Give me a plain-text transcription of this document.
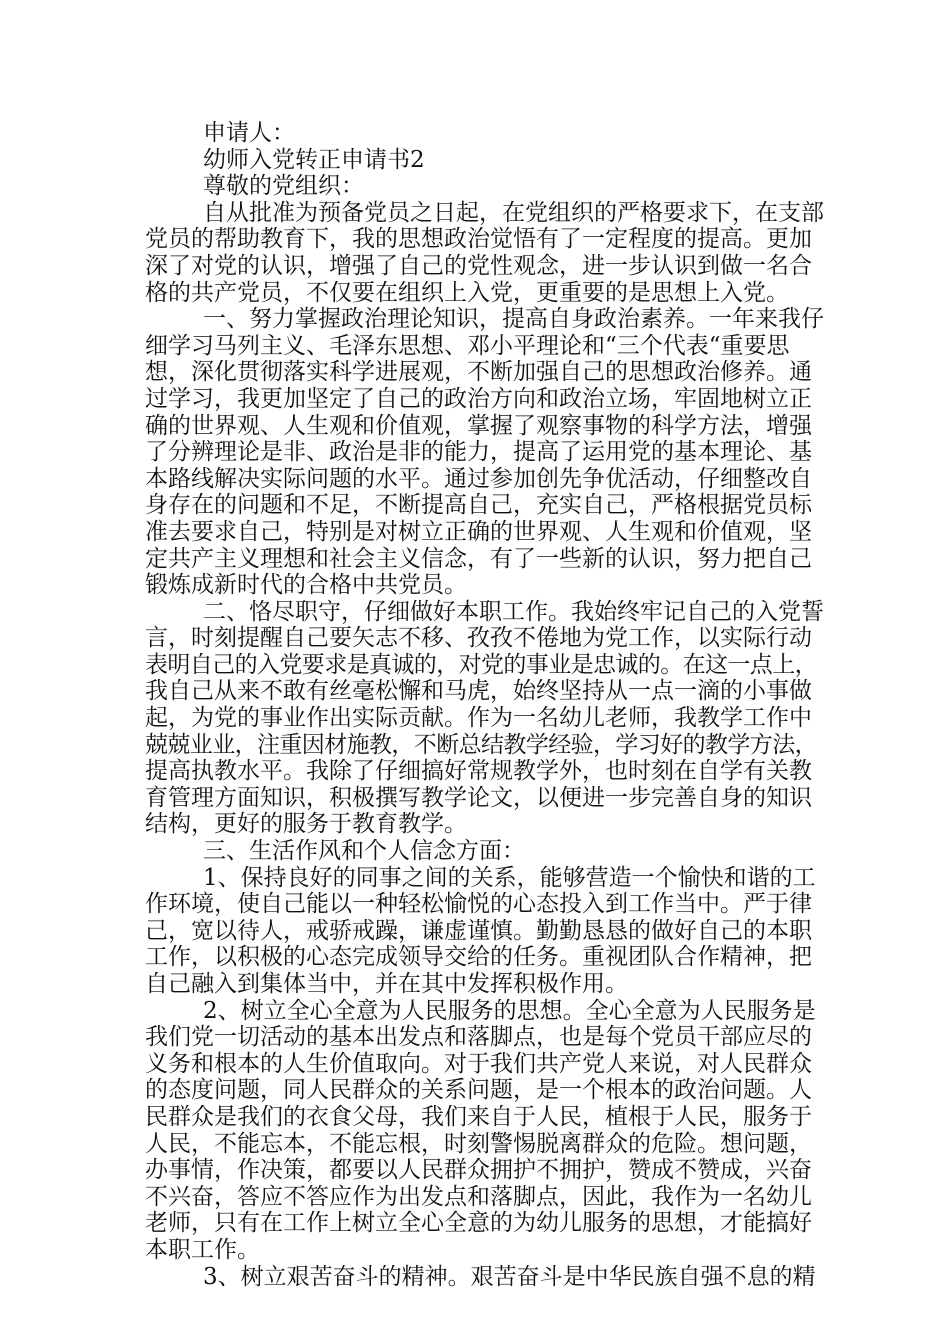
申请人：
幼师入党转正申请书2
尊敬的党组织：
自从批准为预备党员之日起，在党组织的严格要求下，在支部
党员的帮助教育下，我的思想政治觉悟有了一定程度的提高。更加
深了对党的认识，增强了自己的党性观念，进一步认识到做一名合
格的共产党员，不仅要在组织上入党，更重要的是思想上入党。
一、努力掌握政治理论知识，提高自身政治素养。一年来我仔
细学习马列主义、毛泽东思想、邓小平理论和“三个代表“重要思
想，深化贯彻落实科学进展观，不断加强自己的思想政治修养。通
过学习，我更加坚定了自己的政治方向和政治立场，牢固地树立正
确的世界观、人生观和价值观，掌握了观察事物的科学方法，增强
了分辨理论是非、政治是非的能力，提高了运用党的基本理论、基
本路线解决实际问题的水平。通过参加创先争优活动，仔细整改自
身存在的问题和不足，不断提高自己，充实自己，严格根据党员标
准去要求自己，特别是对树立正确的世界观、人生观和价值观，坚
定共产主义理想和社会主义信念，有了一些新的认识，努力把自己
锻炼成新时代的合格中共党员。
二、恪尽职守，仔细做好本职工作。我始终牢记自己的入党誓
言，时刻提醒自己要矢志不移、孜孜不倦地为党工作，以实际行动
表明自己的入党要求是真诚的，对党的事业是忠诚的。在这一点上，
我自己从来不敢有丝毫松懈和马虎，始终坚持从一点一滴的小事做
起，为党的事业作出实际贡献。作为一名幼儿老师，我教学工作中
兢兢业业，注重因材施教，不断总结教学经验，学习好的教学方法，
提高执教水平。我除了仔细搞好常规教学外，也时刻在自学有关教
育管理方面知识，积极撰写教学论文，以便进一步完善自身的知识
结构，更好的服务于教育教学。
三、生活作风和个人信念方面：
1、保持良好的同事之间的关系，能够营造一个愉快和谐的工
作环境，使自己能以一种轻松愉悦的心态投入到工作当中。严于律
己，宽以待人，戒骄戒躁，谦虚谨慎。勤勤恳恳的做好自己的本职
工作，以积极的心态完成领导交给的任务。重视团队合作精神，把
自己融入到集体当中，并在其中发挥积极作用。
2、树立全心全意为人民服务的思想。全心全意为人民服务是
我们党一切活动的基本出发点和落脚点，也是每个党员干部应尽的
义务和根本的人生价值取向。对于我们共产党人来说，对人民群众
的态度问题，同人民群众的关系问题，是一个根本的政治问题。人
民群众是我们的衣食父母，我们来自于人民，植根于人民，服务于
人民，不能忘本，不能忘根，时刻警惕脱离群众的危险。想问题，
办事情，作决策，都要以人民群众拥护不拥护，赞成不赞成，兴奋
不兴奋，答应不答应作为出发点和落脚点，因此，我作为一名幼儿
老师，只有在工作上树立全心全意的为幼儿服务的思想，才能搞好
本职工作。
3、树立艰苦奋斗的精神。艰苦奋斗是中华民族自强不息的精
